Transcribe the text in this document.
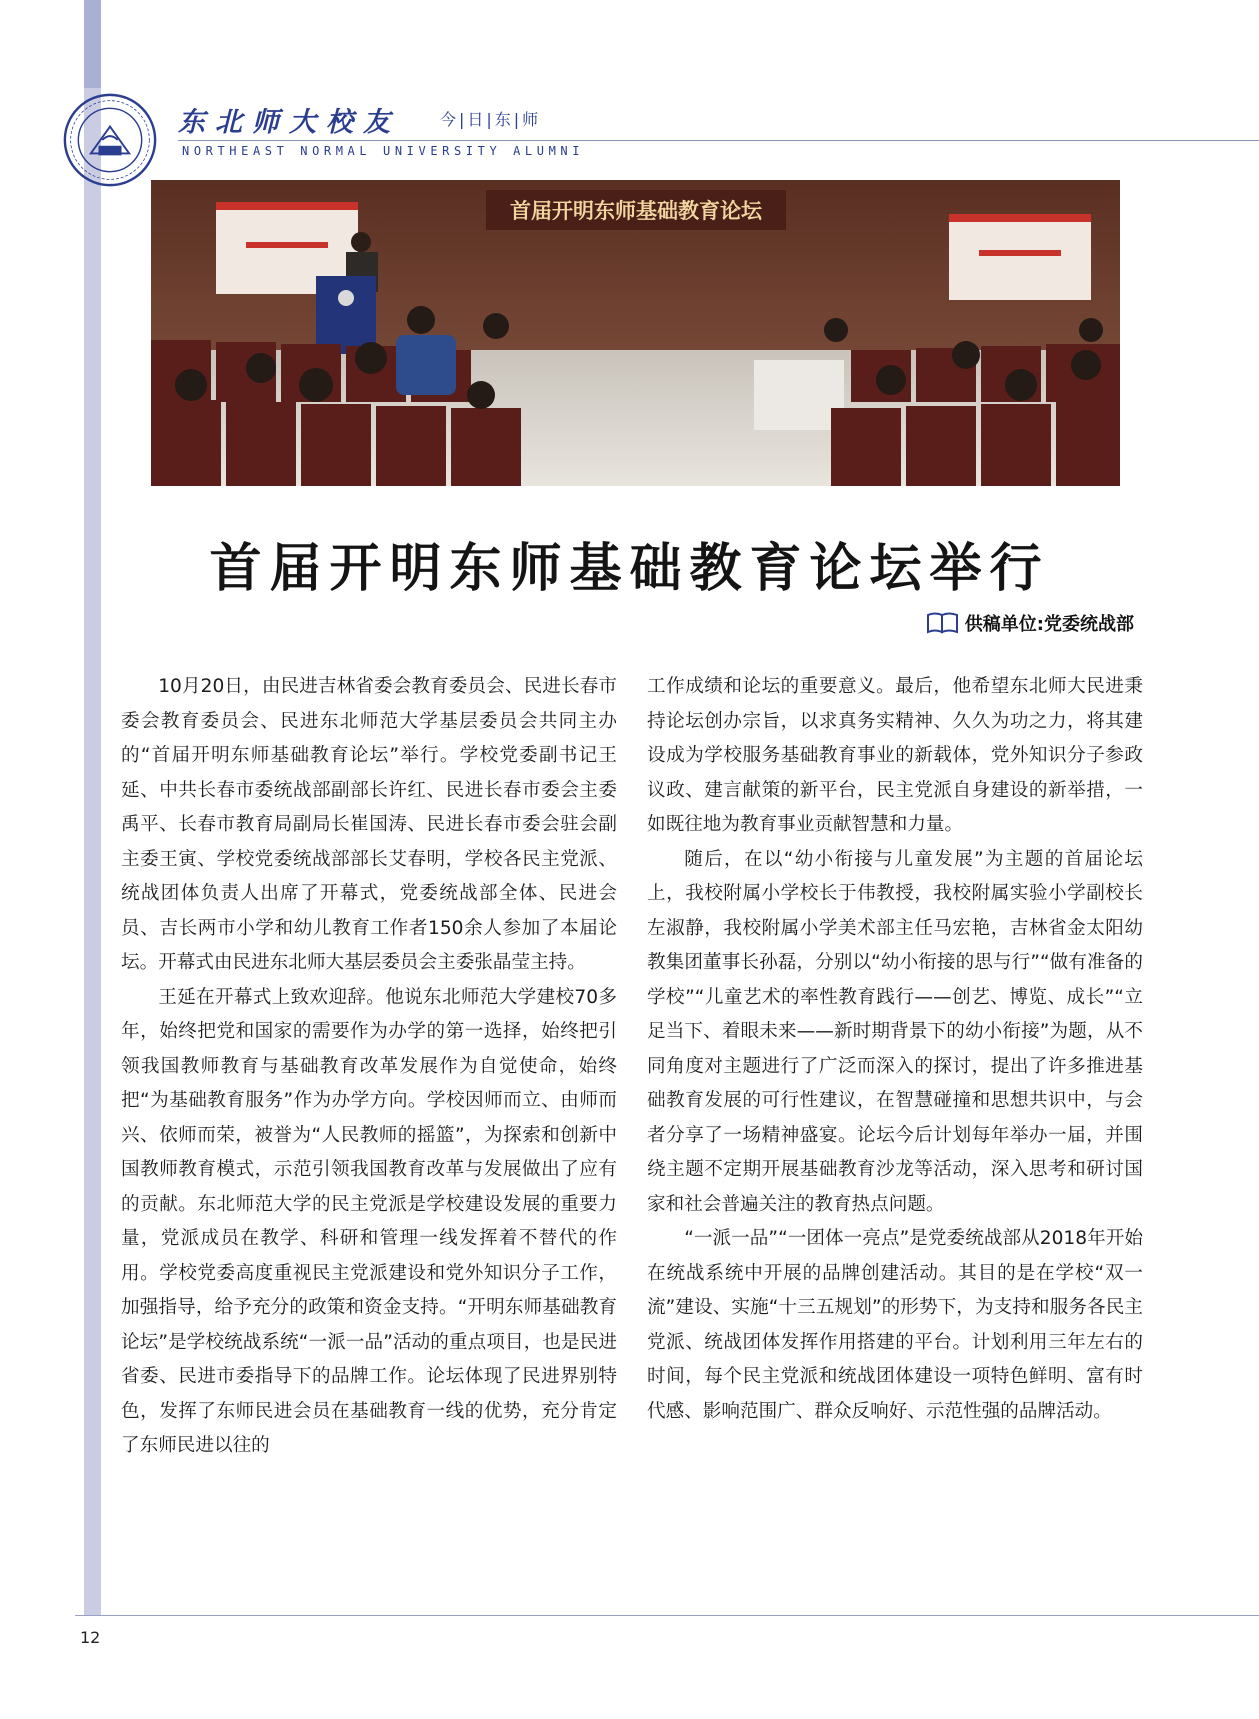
东北师大校友	今|日|东|师
NORTHEAST NORMAL UNIVERSITY ALUMNI
首届开明东师基础教育论坛
首届开明东师基础教育论坛举行
供稿单位:党委统战部

10月20日，由民进吉林省委会教育委员会、民进长春市委会教育委员会、民进东北师范大学基层委员会共同主办的“首届开明东师基础教育论坛”举行。学校党委副书记王延、中共长春市委统战部副部长许红、民进长春市委会主委禹平、长春市教育局副局长崔国涛、民进长春市委会驻会副主委王寅、学校党委统战部部长艾春明，学校各民主党派、统战团体负责人出席了开幕式，党委统战部全体、民进会员、吉长两市小学和幼儿教育工作者150余人参加了本届论坛。开幕式由民进东北师大基层委员会主委张晶莹主持。

王延在开幕式上致欢迎辞。他说东北师范大学建校70多年，始终把党和国家的需要作为办学的第一选择，始终把引领我国教师教育与基础教育改革发展作为自觉使命，始终把“为基础教育服务”作为办学方向。学校因师而立、由师而兴、依师而荣，被誉为“人民教师的摇篮”，为探索和创新中国教师教育模式，示范引领我国教育改革与发展做出了应有的贡献。东北师范大学的民主党派是学校建设发展的重要力量，党派成员在教学、科研和管理一线发挥着不替代的作用。学校党委高度重视民主党派建设和党外知识分子工作，加强指导，给予充分的政策和资金支持。“开明东师基础教育论坛”是学校统战系统“一派一品”活动的重点项目，也是民进省委、民进市委指导下的品牌工作。论坛体现了民进界别特色，发挥了东师民进会员在基础教育一线的优势，充分肯定了东师民进以往的

工作成绩和论坛的重要意义。最后，他希望东北师大民进秉持论坛创办宗旨，以求真务实精神、久久为功之力，将其建设成为学校服务基础教育事业的新载体，党外知识分子参政议政、建言献策的新平台，民主党派自身建设的新举措，一如既往地为教育事业贡献智慧和力量。

随后，在以“幼小衔接与儿童发展”为主题的首届论坛上，我校附属小学校长于伟教授，我校附属实验小学副校长左淑静，我校附属小学美术部主任马宏艳，吉林省金太阳幼教集团董事长孙磊，分别以“幼小衔接的思与行”“做有准备的学校”“儿童艺术的率性教育践行——创艺、博览、成长”“立足当下、着眼未来——新时期背景下的幼小衔接”为题，从不同角度对主题进行了广泛而深入的探讨，提出了许多推进基础教育发展的可行性建议，在智慧碰撞和思想共识中，与会者分享了一场精神盛宴。论坛今后计划每年举办一届，并围绕主题不定期开展基础教育沙龙等活动，深入思考和研讨国家和社会普遍关注的教育热点问题。

“一派一品”“一团体一亮点”是党委统战部从2018年开始在统战系统中开展的品牌创建活动。其目的是在学校“双一流”建设、实施“十三五规划”的形势下，为支持和服务各民主党派、统战团体发挥作用搭建的平台。计划利用三年左右的时间，每个民主党派和统战团体建设一项特色鲜明、富有时代感、影响范围广、群众反响好、示范性强的品牌活动。

12
